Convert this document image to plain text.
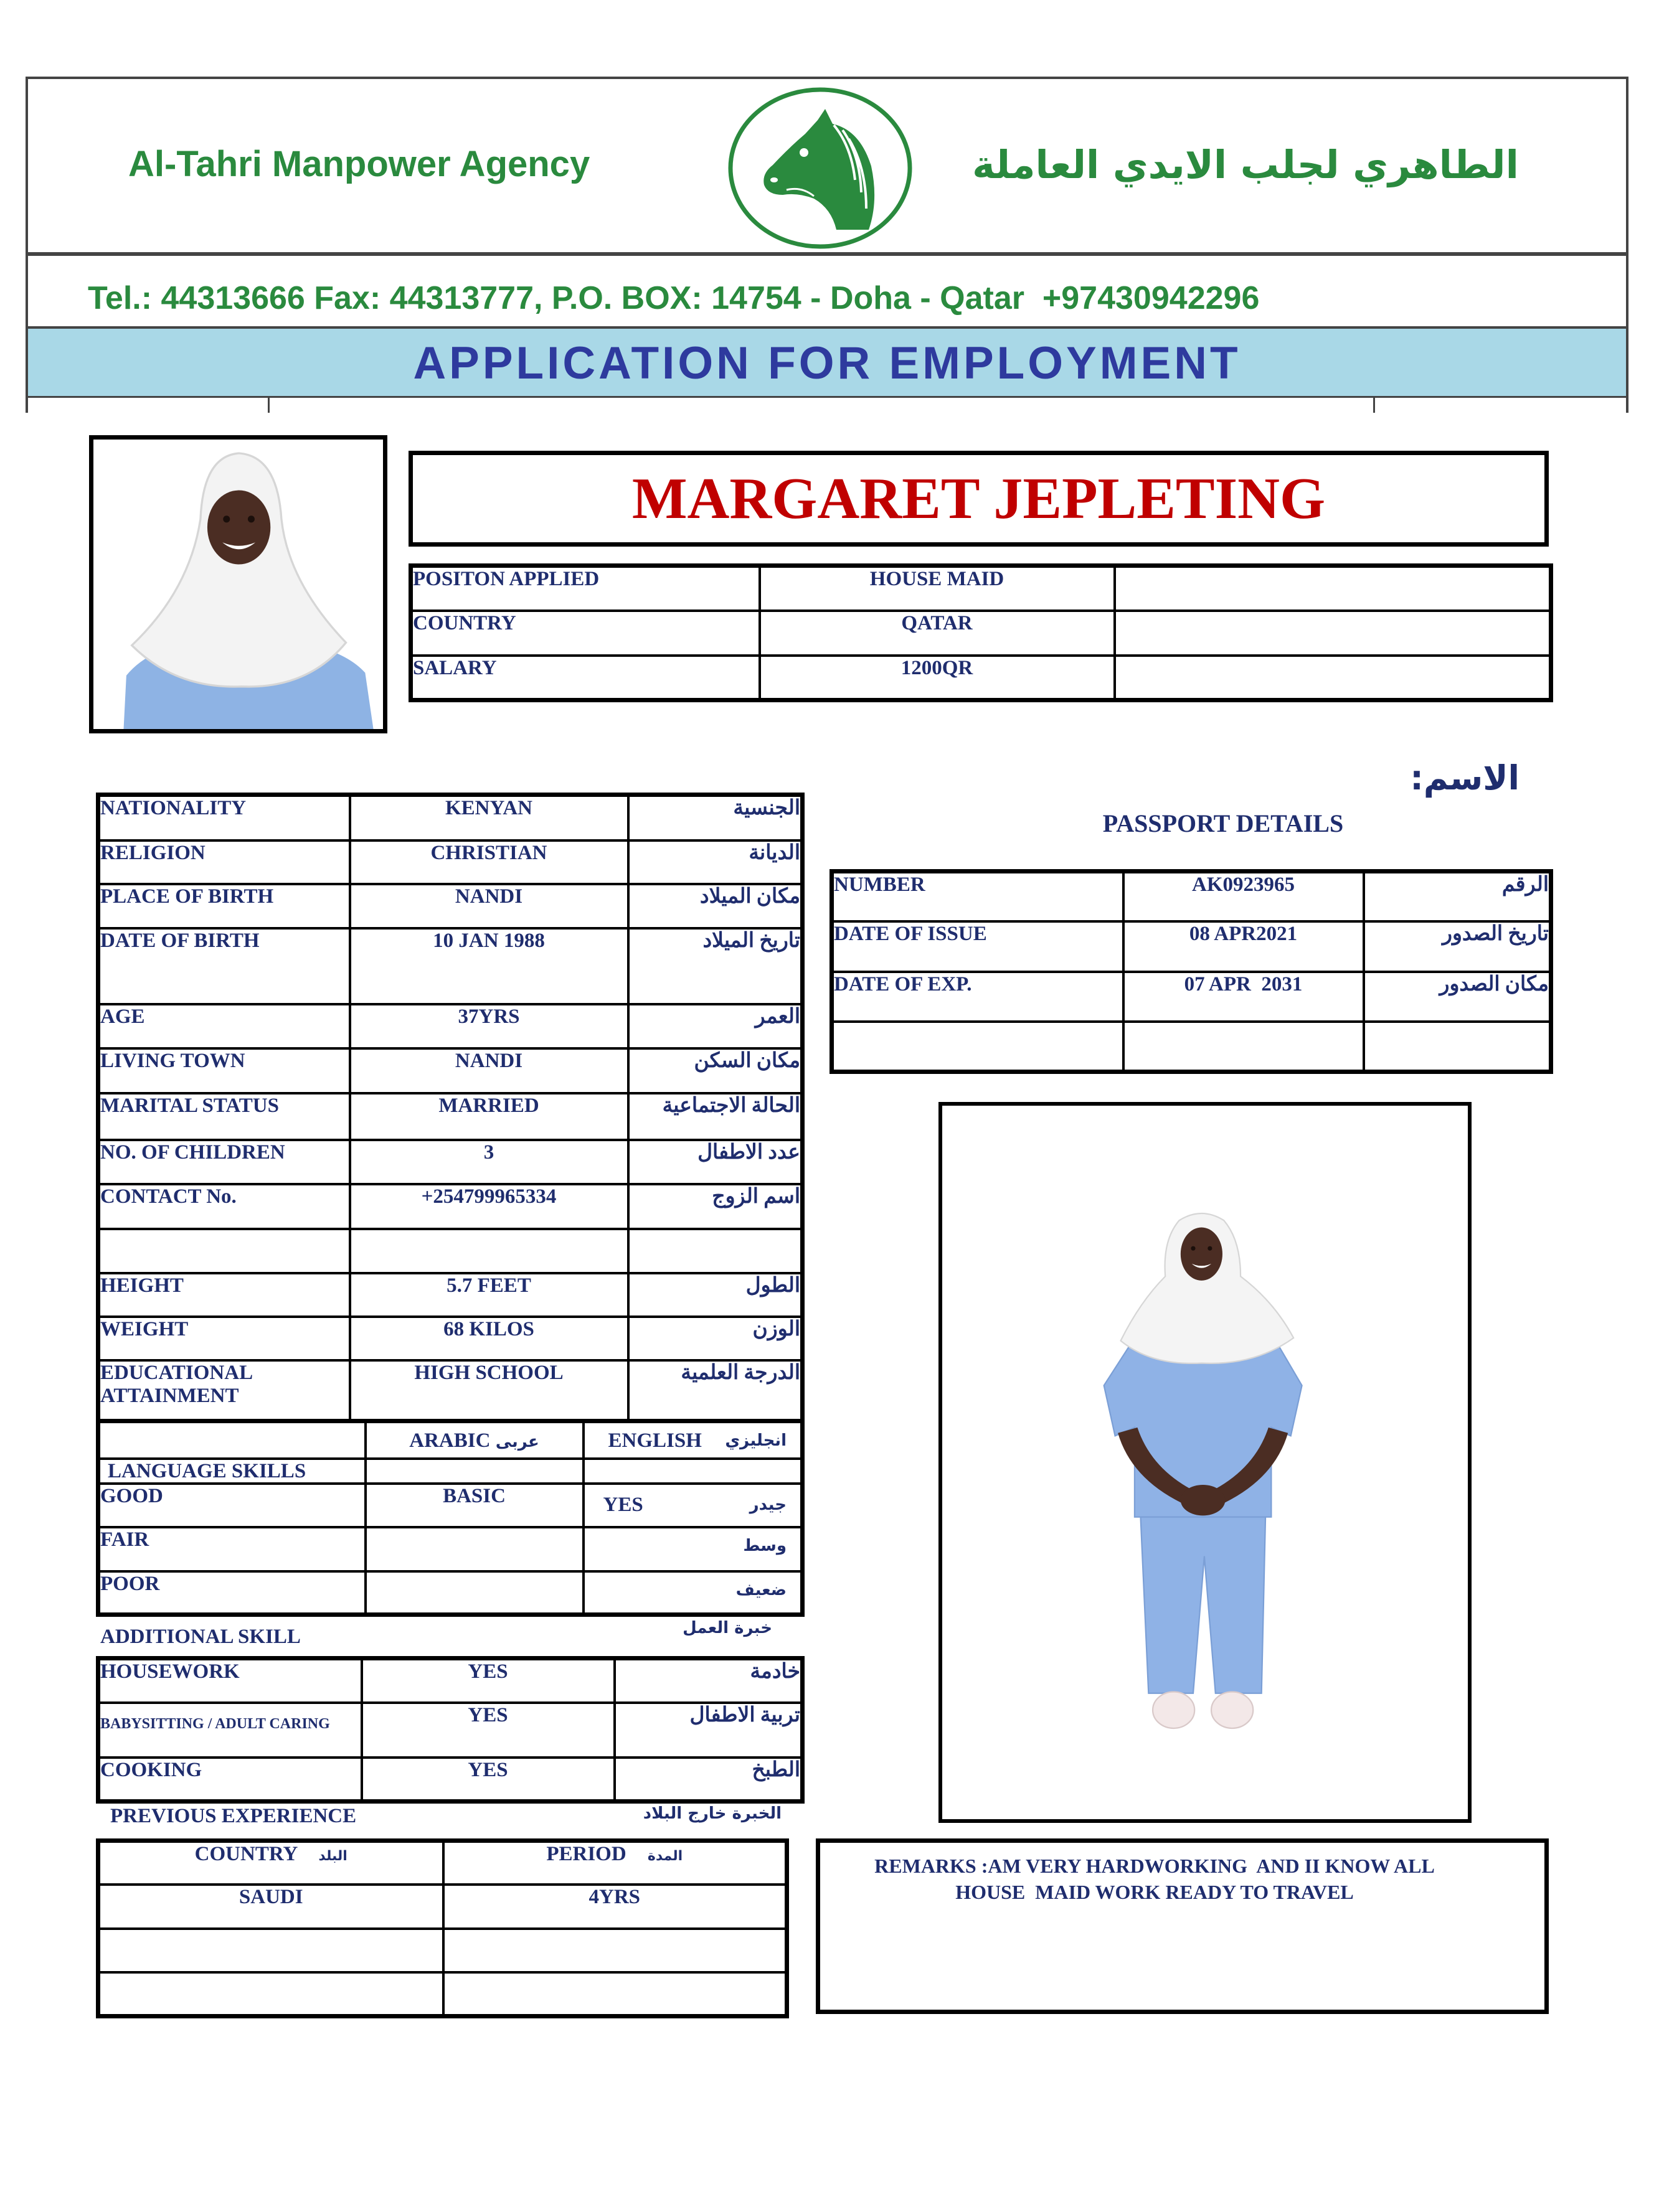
Al-Tahri Manpower Agency	الطاهري لجلب الايدي العاملة
Tel.: 44313666 Fax: 44313777, P.O. BOX: 14754 - Doha - Qatar  +97430942296
APPLICATION FOR EMPLOYMENT
MARGARET JEPLETING
POSITON APPLIED	HOUSE MAID	
COUNTRY	QATAR	
SALARY	1200QR	
الاسم:
PASSPORT DETAILS
NATIONALITY	KENYAN	الجنسية
RELIGION	CHRISTIAN	الديانة
PLACE OF BIRTH	NANDI	مكان الميلاد
DATE OF BIRTH	10 JAN 1988	تاريخ الميلاد
AGE	37YRS	العمر
LIVING TOWN	NANDI	مكان السكن
MARITAL STATUS	MARRIED	الحالة الاجتماعية
NO. OF CHILDREN	3	عدد الاطفال
CONTACT No.	+254799965334	اسم الزوج

HEIGHT	5.7 FEET	الطول
WEIGHT	68 KILOS	الوزن
EDUCATIONAL ATTAINMENT	HIGH SCHOOL	الدرجة العلمية
	ARABIC عربى	ENGLISH انجليزي

LANGUAGE SKILLS		
GOOD	BASIC	YES جيدر

FAIR		وسط

POOR		ضعيف
ADDITIONAL SKILL	خبرة العمل
HOUSEWORK	YES	خادمة
BABYSITTING / ADULT CARING	YES	تربية الاطفال
COOKING	YES	الطبخ
PREVIOUS EXPERIENCE	الخبرة خارج البلاد
COUNTRY البلد	PERIOD المدة
SAUDI	4YRS

NUMBER	AK0923965	الرقم
DATE OF ISSUE	08 APR2021	تاريخ الصدور
DATE OF EXP.	07 APR  2031	مكان الصدور

REMARKS :AM VERY HARDWORKING  AND II KNOW ALL
HOUSE  MAID WORK READY TO TRAVEL
